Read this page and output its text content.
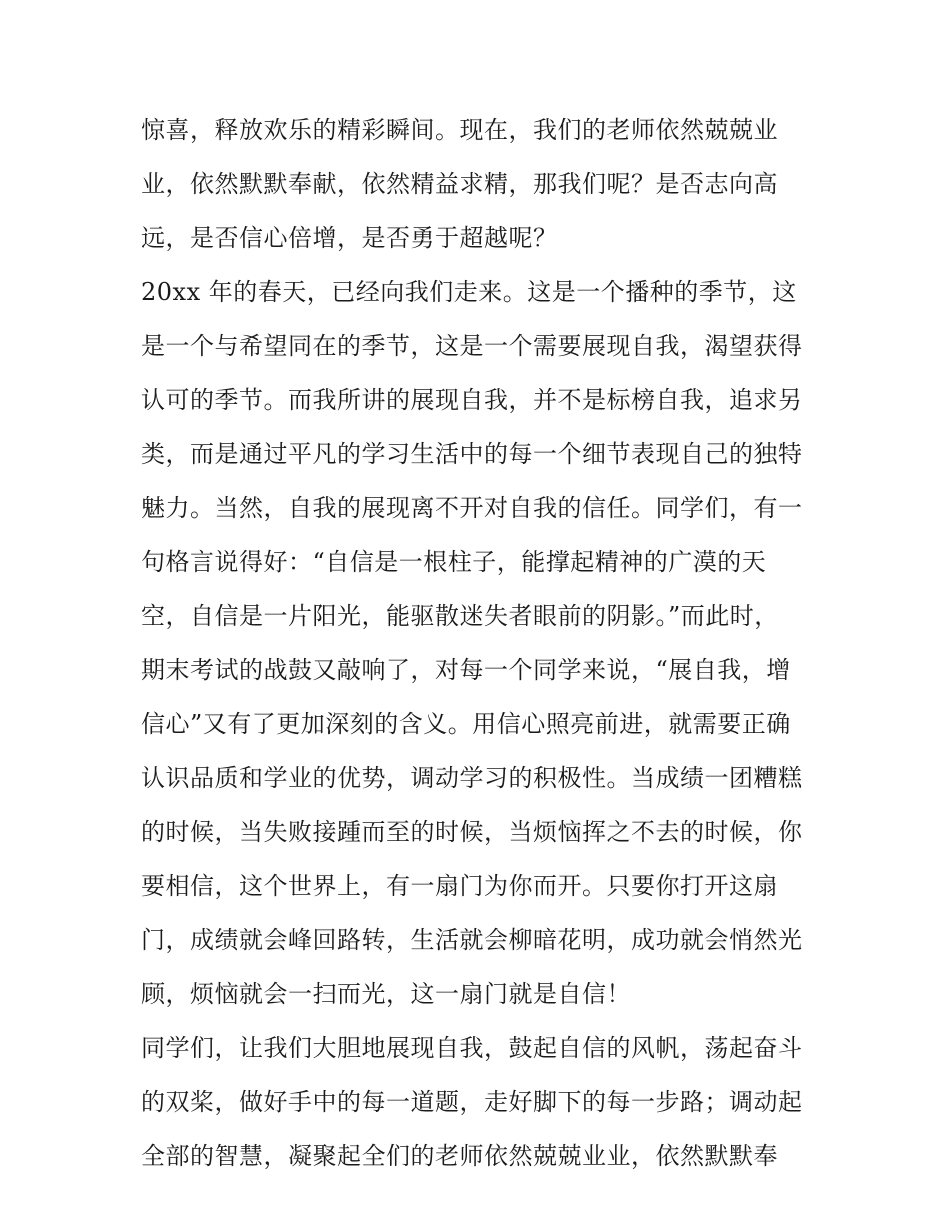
惊喜，释放欢乐的精彩瞬间。现在，我们的老师依然兢兢业
业，依然默默奉献，依然精益求精，那我们呢？是否志向高
远，是否信心倍增，是否勇于超越呢？
20xx 年的春天，已经向我们走来。这是一个播种的季节，这
是一个与希望同在的季节，这是一个需要展现自我，渴望获得
认可的季节。而我所讲的展现自我，并不是标榜自我，追求另
类，而是通过平凡的学习生活中的每一个细节表现自己的独特
魅力。当然，自我的展现离不开对自我的信任。同学们，有一
句格言说得好：“自信是一根柱子，能撑起精神的广漠的天
空，自信是一片阳光，能驱散迷失者眼前的阴影。”而此时，
期末考试的战鼓又敲响了，对每一个同学来说，“展自我，增
信心”又有了更加深刻的含义。用信心照亮前进，就需要正确
认识品质和学业的优势，调动学习的积极性。当成绩一团糟糕
的时候，当失败接踵而至的时候，当烦恼挥之不去的时候，你
要相信，这个世界上，有一扇门为你而开。只要你打开这扇
门，成绩就会峰回路转，生活就会柳暗花明，成功就会悄然光
顾，烦恼就会一扫而光，这一扇门就是自信！
同学们，让我们大胆地展现自我，鼓起自信的风帆，荡起奋斗
的双桨，做好手中的每一道题，走好脚下的每一步路；调动起
全部的智慧，凝聚起全们的老师依然兢兢业业，依然默默奉
